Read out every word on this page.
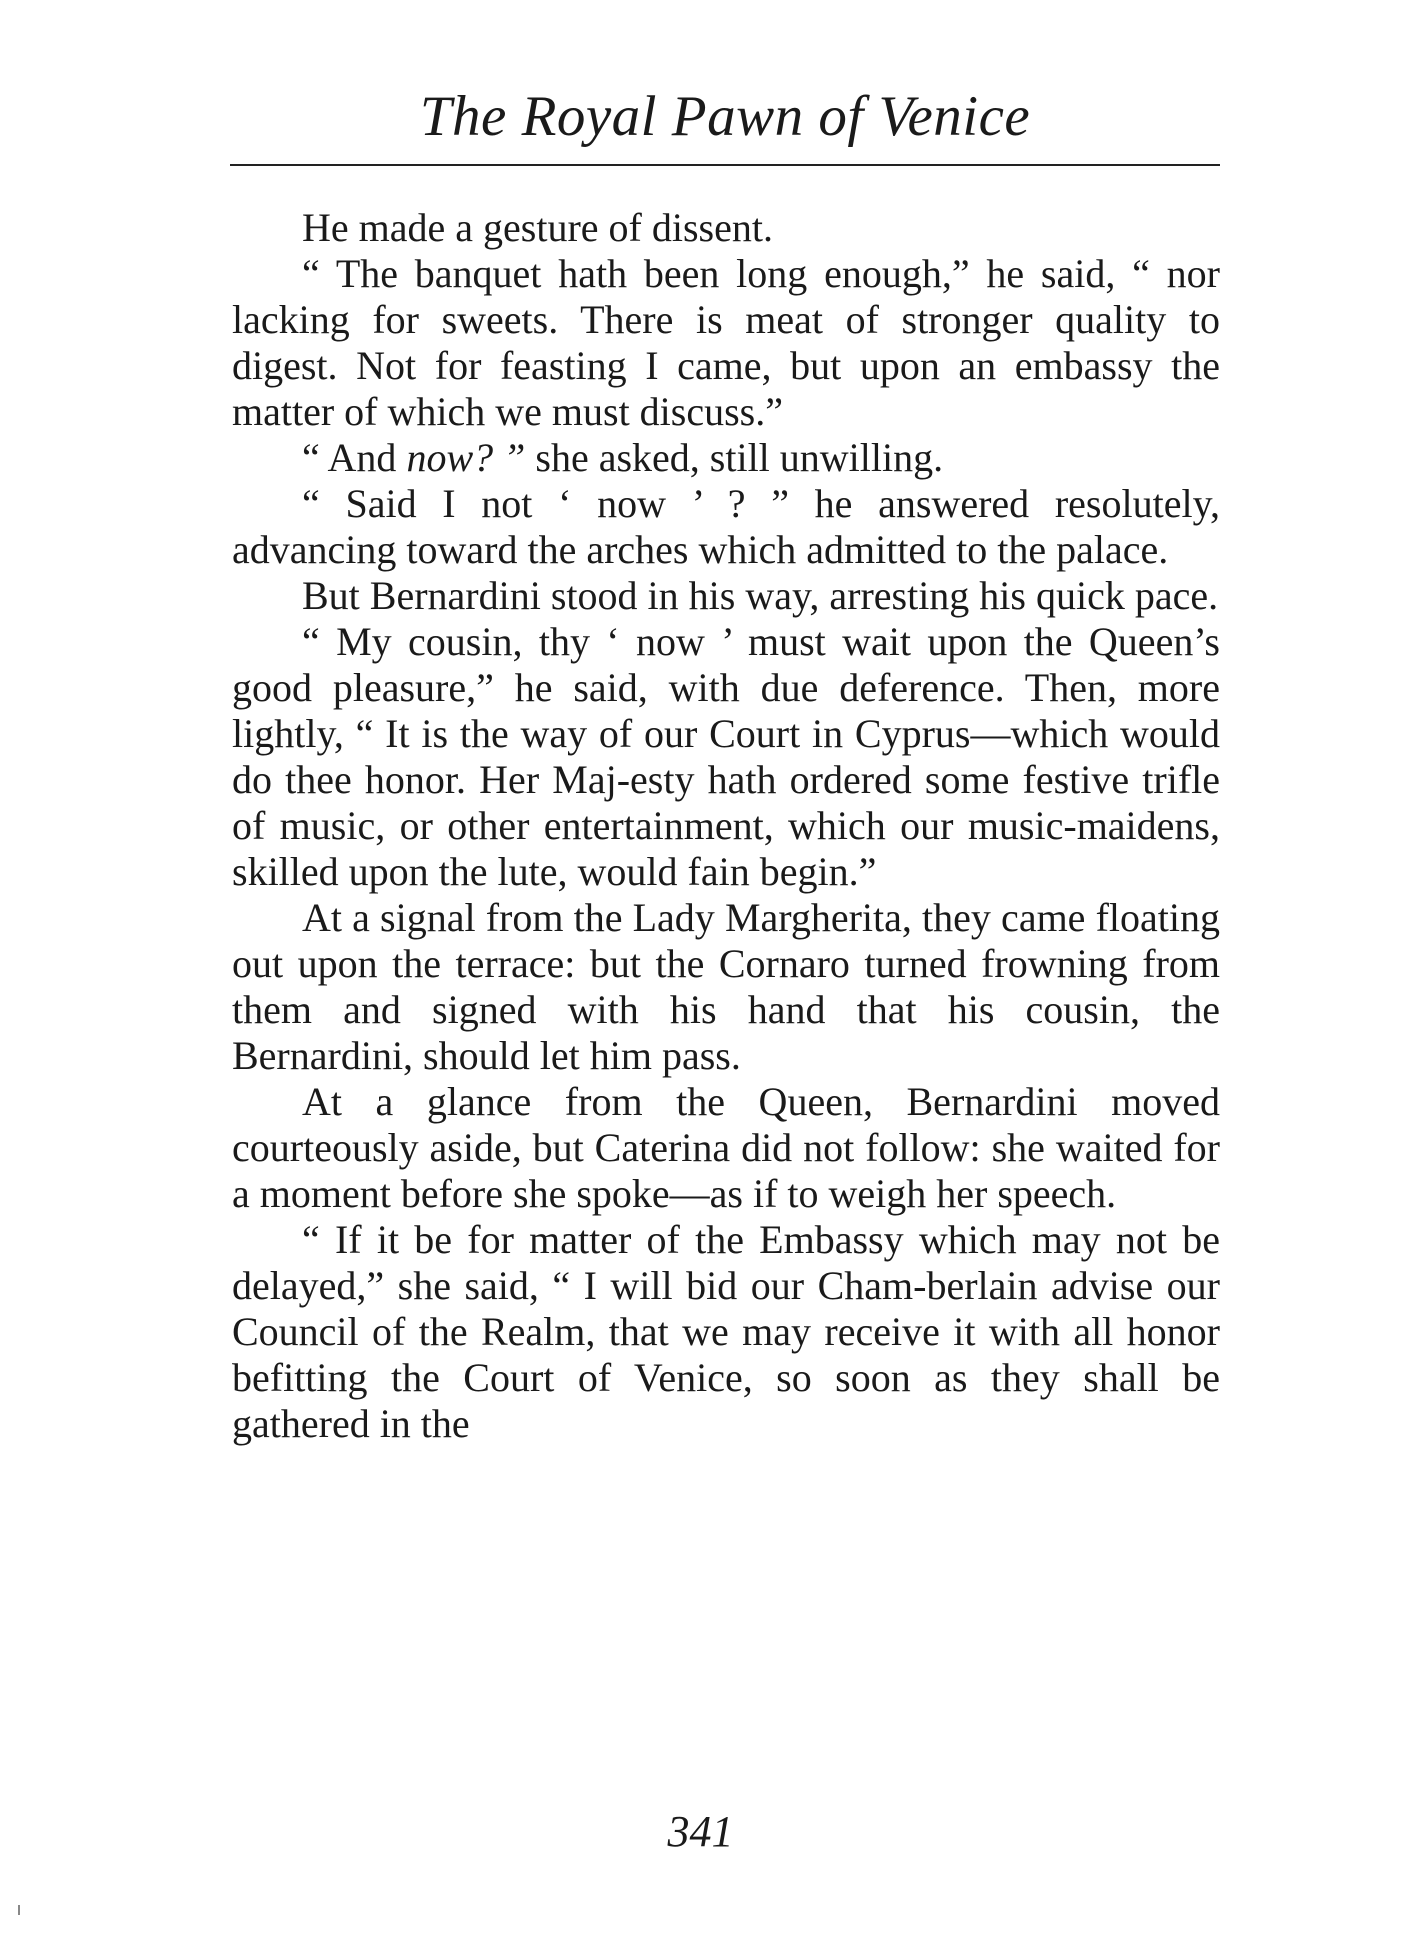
The Royal Pawn of Venice

He made a gesture of dissent.

“ The banquet hath been long enough,” he said, “ nor lacking for sweets. There is meat of stronger quality to digest. Not for feasting I came, but upon an embassy the matter of which we must discuss.”

“ And now? ” she asked, still unwilling.

“ Said I not ‘ now ’ ? ” he answered resolutely, advancing toward the arches which admitted to the palace.

But Bernardini stood in his way, arresting his quick pace.

“ My cousin, thy ‘ now ’ must wait upon the Queen’s good pleasure,” he said, with due deference. Then, more lightly, “ It is the way of our Court in Cyprus—which would do thee honor. Her Maj-esty hath ordered some festive trifle of music, or other entertainment, which our music-maidens, skilled upon the lute, would fain begin.”

At a signal from the Lady Margherita, they came floating out upon the terrace: but the Cornaro turned frowning from them and signed with his hand that his cousin, the Bernardini, should let him pass.

At a glance from the Queen, Bernardini moved courteously aside, but Caterina did not follow: she waited for a moment before she spoke—as if to weigh her speech.

“ If it be for matter of the Embassy which may not be delayed,” she said, “ I will bid our Cham-berlain advise our Council of the Realm, that we may receive it with all honor befitting the Court of Venice, so soon as they shall be gathered in the

341
